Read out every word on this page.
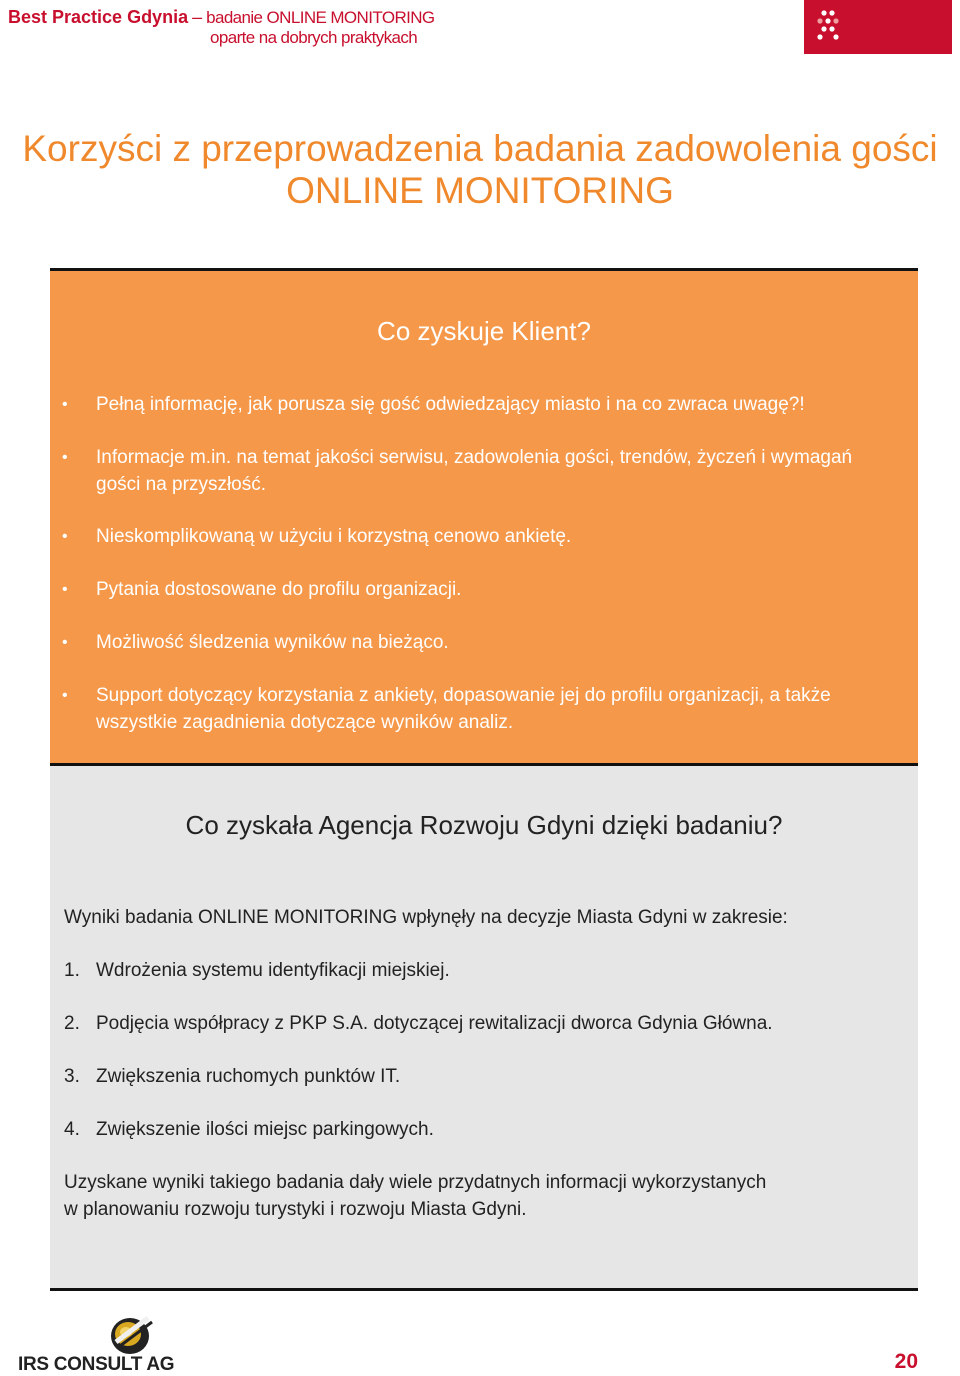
Best Practice Gdynia – badanie ONLINE MONITORING
oparte na dobrych praktykach
Korzyści z przeprowadzenia badania zadowolenia gości
ONLINE MONITORING
Co zyskuje Klient?
• Pełną informację, jak porusza się gość odwiedzający miasto i na co zwraca uwagę?!
• Informacje m.in. na temat jakości serwisu, zadowolenia gości, trendów, życzeń i wymagań gości na przyszłość.
• Nieskomplikowaną w użyciu i korzystną cenowo ankietę.
• Pytania dostosowane do profilu organizacji.
• Możliwość śledzenia wyników na bieżąco.
• Support dotyczący korzystania z ankiety, dopasowanie jej do profilu organizacji, a także wszystkie zagadnienia dotyczące wyników analiz.
Co zyskała Agencja Rozwoju Gdyni dzięki badaniu?
Wyniki badania ONLINE MONITORING wpłynęły na decyzje Miasta Gdyni w zakresie:
1. Wdrożenia systemu identyfikacji miejskiej.
2. Podjęcia współpracy z PKP S.A. dotyczącej rewitalizacji dworca Gdynia Główna.
3. Zwiększenia ruchomych punktów IT.
4. Zwiększenie ilości miejsc parkingowych.
Uzyskane wyniki takiego badania dały wiele przydatnych informacji wykorzystanych
w planowaniu rozwoju turystyki i rozwoju Miasta Gdyni.
IRS CONSULT AG	20
